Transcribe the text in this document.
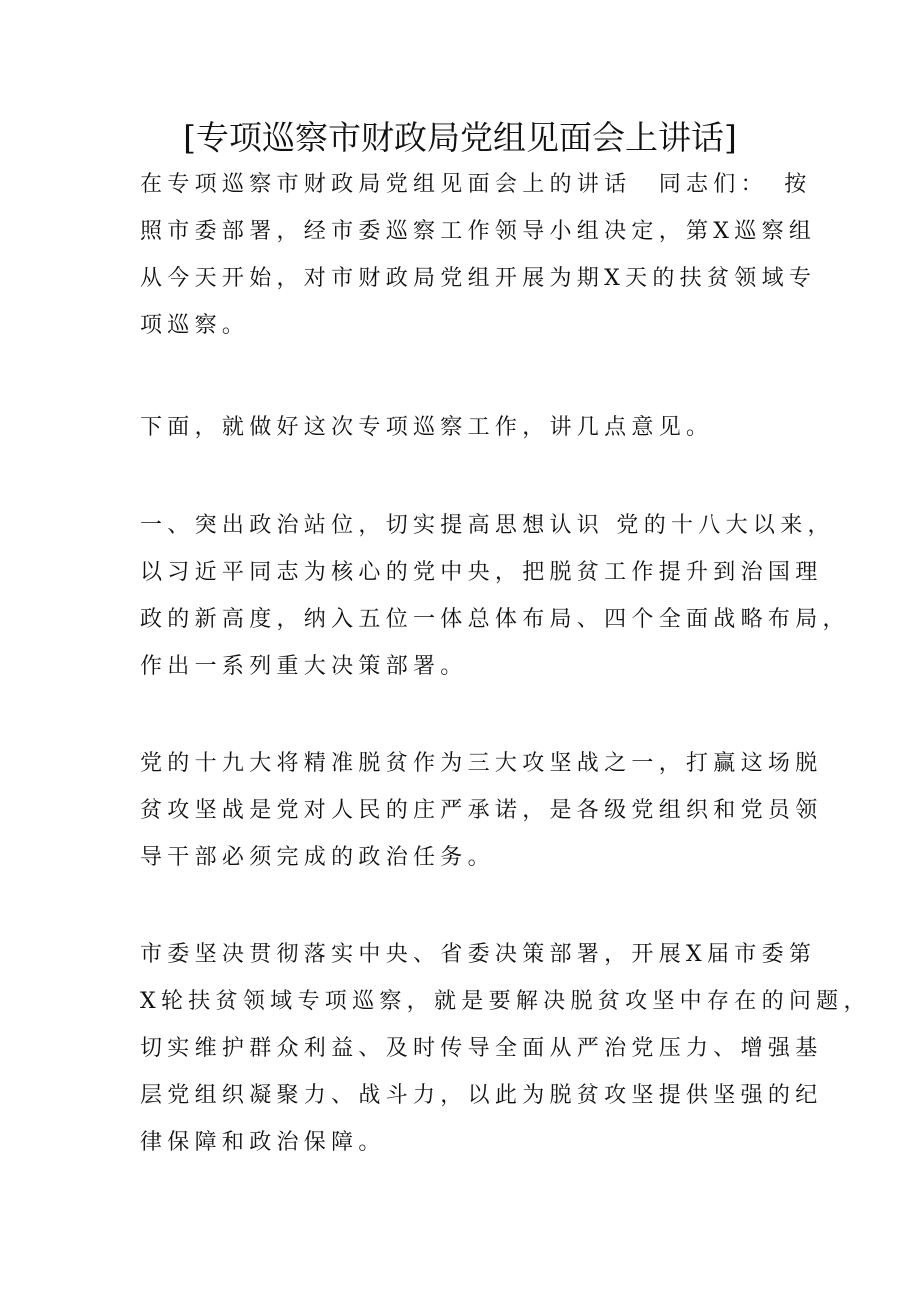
[专项巡察市财政局党组见面会上讲话]
在专项巡察市财政局党组见面会上的讲话　同志们：　按
照市委部署，经市委巡察工作领导小组决定，第X巡察组
从今天开始，对市财政局党组开展为期X天的扶贫领域专
项巡察。
下面，就做好这次专项巡察工作，讲几点意见。
一、突出政治站位，切实提高思想认识 党的十八大以来，
以习近平同志为核心的党中央，把脱贫工作提升到治国理
政的新高度，纳入五位一体总体布局、四个全面战略布局，
作出一系列重大决策部署。
党的十九大将精准脱贫作为三大攻坚战之一，打赢这场脱
贫攻坚战是党对人民的庄严承诺，是各级党组织和党员领
导干部必须完成的政治任务。
市委坚决贯彻落实中央、省委决策部署，开展X届市委第
X轮扶贫领域专项巡察，就是要解决脱贫攻坚中存在的问题，
切实维护群众利益、及时传导全面从严治党压力、增强基
层党组织凝聚力、战斗力，以此为脱贫攻坚提供坚强的纪
律保障和政治保障。
